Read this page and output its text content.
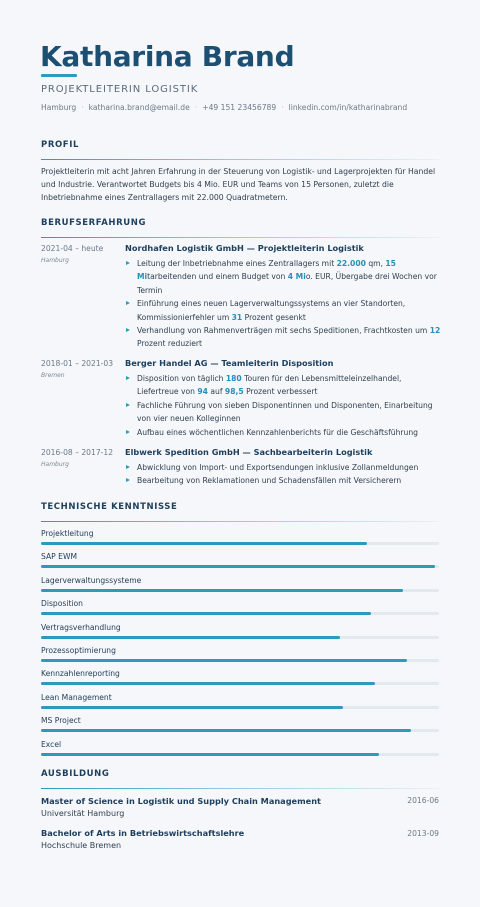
Katharina Brand
PROJEKTLEITERIN LOGISTIK
Hamburg · katharina.brand@email.de · +49 151 23456789 · linkedin.com/in/katharinabrand
PROFIL

Projektleiterin mit acht Jahren Erfahrung in der Steuerung von Logistik- und Lagerprojekten für Handel und Industrie. Verantwortet Budgets bis 4 Mio. EUR und Teams von 15 Personen, zuletzt die Inbetriebnahme eines Zentrallagers mit 22.000 Quadratmetern.

BERUFSERFAHRUNG
2021-04 – heute
Hamburg
Nordhafen Logistik GmbH — Projektleiterin Logistik
Leitung der Inbetriebnahme eines Zentrallagers mit 22.000 qm, 15 Mitarbeitenden und einem Budget von 4 Mio. EUR, Übergabe drei Wochen vor Termin
Einführung eines neuen Lagerverwaltungssystems an vier Standorten, Kommissionierfehler um 31 Prozent gesenkt
Verhandlung von Rahmenverträgen mit sechs Speditionen, Frachtkosten um 12 Prozent reduziert
2018-01 – 2021-03
Bremen
Berger Handel AG — Teamleiterin Disposition
Disposition von täglich 180 Touren für den Lebensmitteleinzelhandel, Liefertreue von 94 auf 98,5 Prozent verbessert
Fachliche Führung von sieben Disponentinnen und Disponenten, Einarbeitung von vier neuen Kolleginnen
Aufbau eines wöchentlichen Kennzahlenberichts für die Geschäftsführung
2016-08 – 2017-12
Hamburg
Elbwerk Spedition GmbH — Sachbearbeiterin Logistik
Abwicklung von Import- und Exportsendungen inklusive Zollanmeldungen
Bearbeitung von Reklamationen und Schadensfällen mit Versicherern
TECHNISCHE KENNTNISSE
Projektleitung
SAP EWM
Lagerverwaltungssysteme
Disposition
Vertragsverhandlung
Prozessoptimierung
Kennzahlenreporting
Lean Management
MS Project
Excel
AUSBILDUNG
Master of Science in Logistik und Supply Chain Management	2016-06
Universität Hamburg
Bachelor of Arts in Betriebswirtschaftslehre	2013-09
Hochschule Bremen
